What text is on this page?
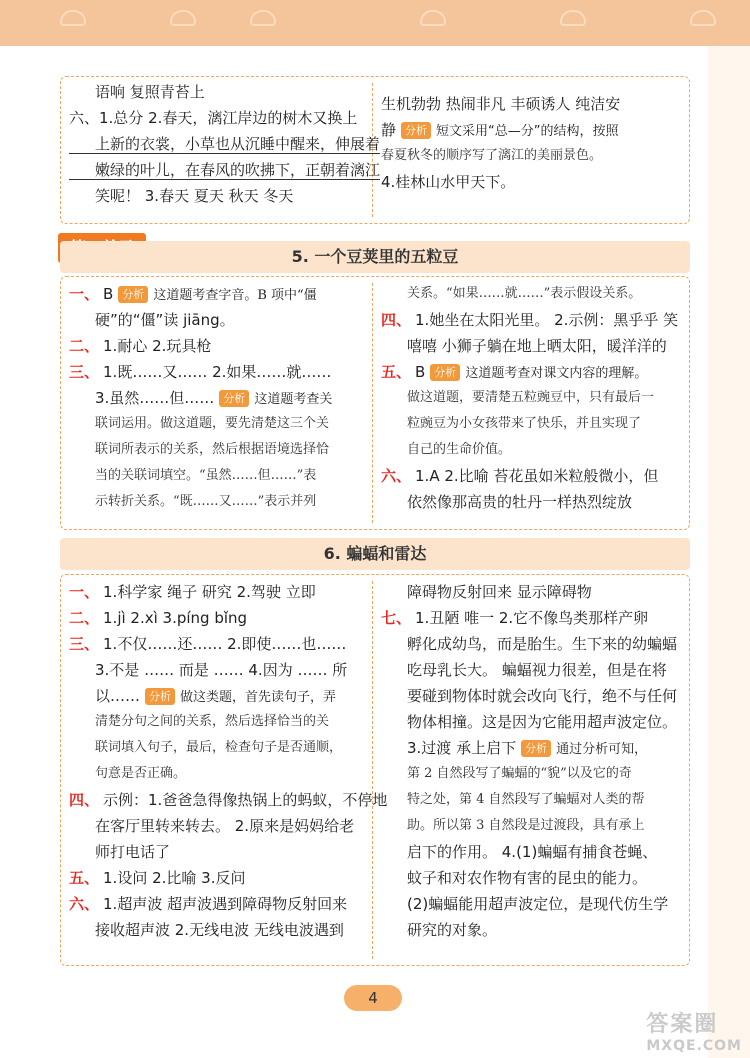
语响 复照青苔上
六、1.总分 2.春天，漓江岸边的树木又换上
上新的衣裳，小草也从沉睡中醒来，伸展着
嫩绿的叶儿，在春风的吹拂下，正朝着漓江
笑呢！ 3.春天 夏天 秋天 冬天
生机勃勃 热闹非凡 丰硕诱人 纯洁安
静 分析 短文采用“总—分”的结构，按照
春夏秋冬的顺序写了漓江的美丽景色。
4.桂林山水甲天下。
5. 一个豆荚里的五粒豆
一、 B 分析 这道题考查字音。B 项中“僵
硬”的“僵”读 jiāng。
二、 1.耐心 2.玩具枪
三、 1.既……又…… 2.如果……就……
3.虽然……但…… 分析 这道题考查关
联词运用。做这道题，要先清楚这三个关
联词所表示的关系，然后根据语境选择恰
当的关联词填空。“虽然……但……”表
示转折关系。“既……又……”表示并列
关系。“如果……就……”表示假设关系。
四、 1.她坐在太阳光里。 2.示例：黑乎乎 笑
嘻嘻 小狮子躺在地上晒太阳，暖洋洋的
五、 B 分析 这道题考查对课文内容的理解。
做这道题，要清楚五粒豌豆中，只有最后一
粒豌豆为小女孩带来了快乐，并且实现了
自己的生命价值。
六、 1.A 2.比喻 苔花虽如米粒般微小，但
依然像那高贵的牡丹一样热烈绽放
6. 蝙蝠和雷达
一、 1.科学家 绳子 研究 2.驾驶 立即
二、 1.jì 2.xì 3.píng bǐng
三、 1.不仅……还…… 2.即使……也……
3.不是 …… 而是 …… 4.因为 …… 所
以…… 分析 做这类题，首先读句子，弄
清楚分句之间的关系，然后选择恰当的关
联词填入句子，最后，检查句子是否通顺，
句意是否正确。
四、 示例：1.爸爸急得像热锅上的蚂蚁，不停地
在客厅里转来转去。 2.原来是妈妈给老
师打电话了
五、 1.设问 2.比喻 3.反问
六、 1.超声波 超声波遇到障碍物反射回来
接收超声波 2.无线电波 无线电波遇到
障碍物反射回来 显示障碍物
七、 1.丑陋 唯一 2.它不像鸟类那样产卵
孵化成幼鸟，而是胎生。生下来的幼蝙蝠
吃母乳长大。 蝙蝠视力很差，但是在将
要碰到物体时就会改向飞行，绝不与任何
物体相撞。这是因为它能用超声波定位。
3.过渡 承上启下 分析 通过分析可知，
第 2 自然段写了蝙蝠的“貌”以及它的奇
特之处，第 4 自然段写了蝙蝠对人类的帮
助。所以第 3 自然段是过渡段，具有承上
启下的作用。 4.(1)蝙蝠有捕食苍蝇、
蚊子和对农作物有害的昆虫的能力。
(2)蝙蝠能用超声波定位，是现代仿生学
研究的对象。
4
答案圈
MXQE.COM
